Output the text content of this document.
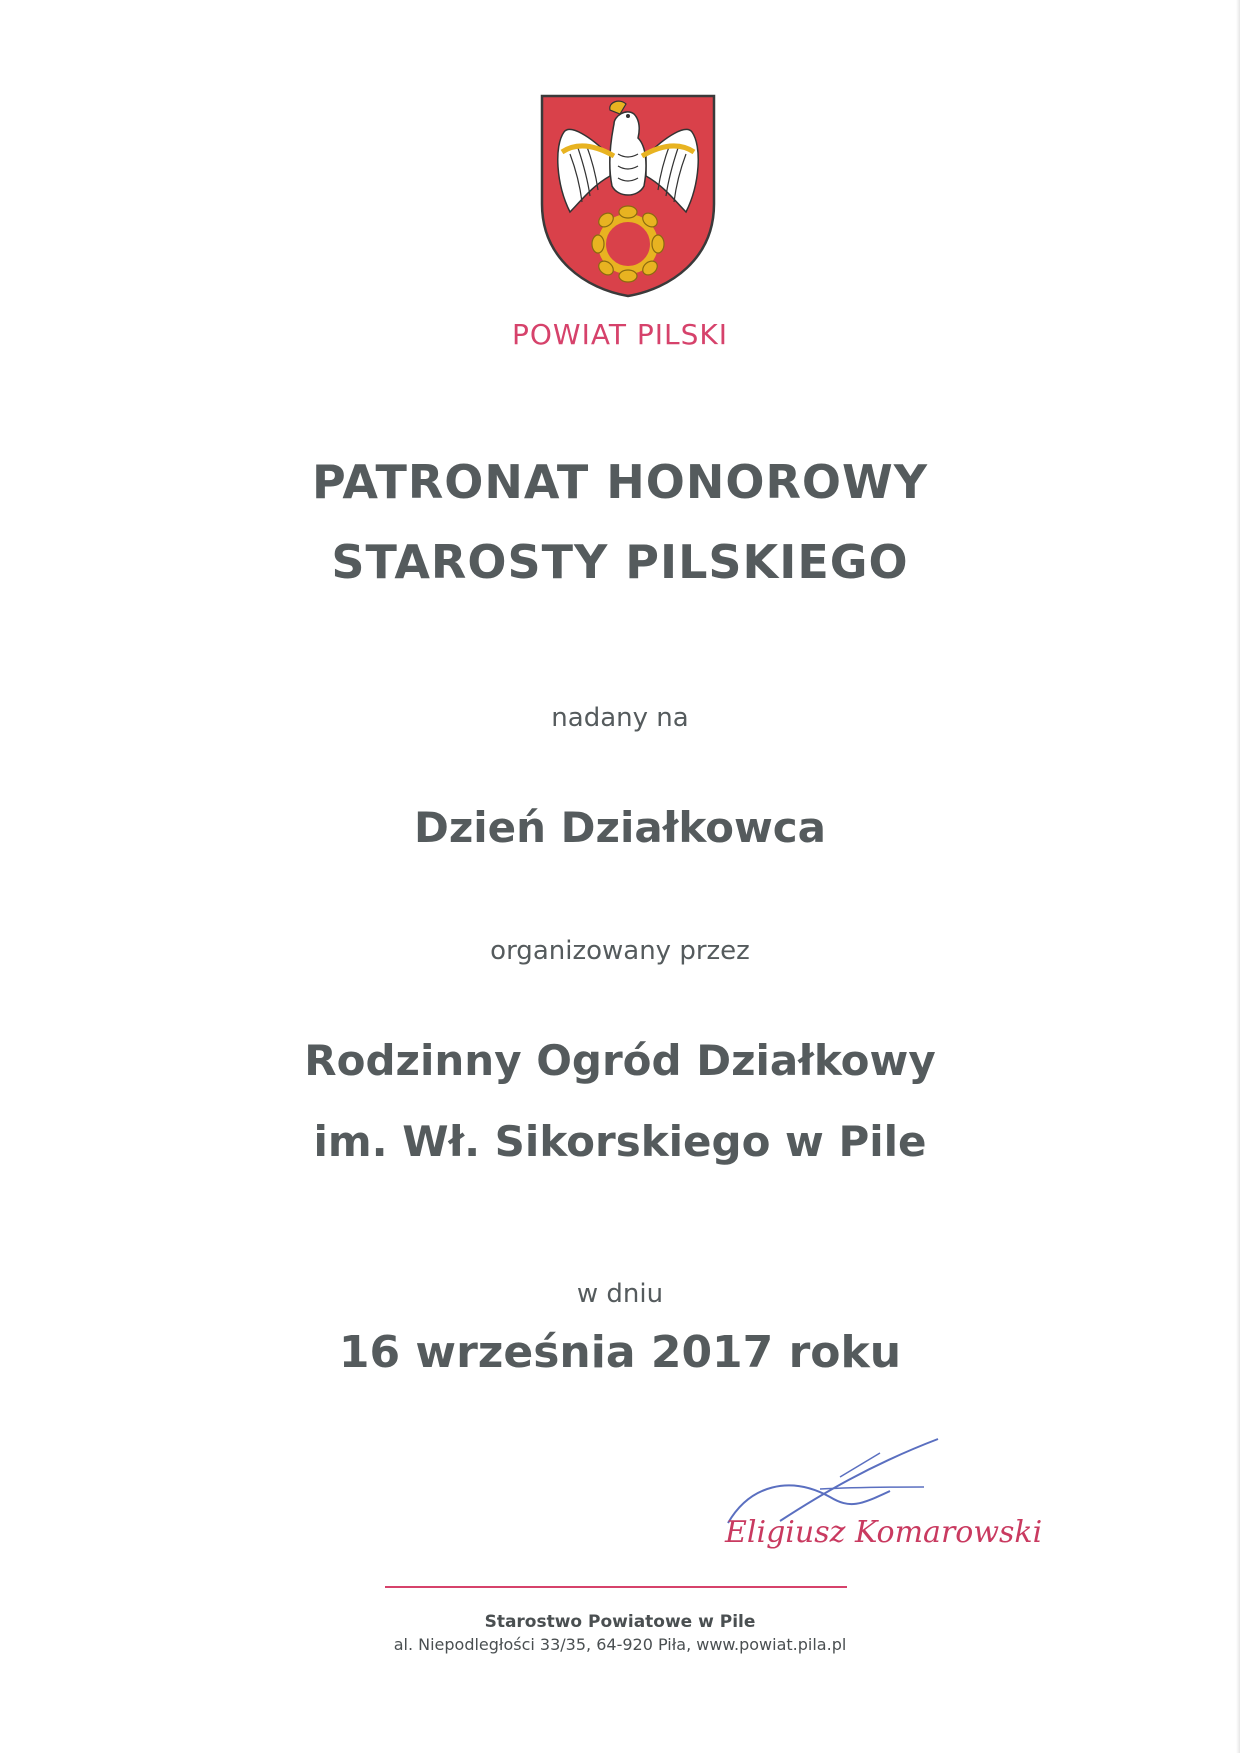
POWIAT PILSKI
PATRONAT HONOROWY
STAROSTY PILSKIEGO
nadany na
Dzień Działkowca
organizowany przez
Rodzinny Ogród Działkowy
im. Wł. Sikorskiego w Pile
w dniu
16 września 2017 roku
Eligiusz Komarowski
Starostwo Powiatowe w Pile
al. Niepodległości 33/35, 64-920 Piła, www.powiat.pila.pl
